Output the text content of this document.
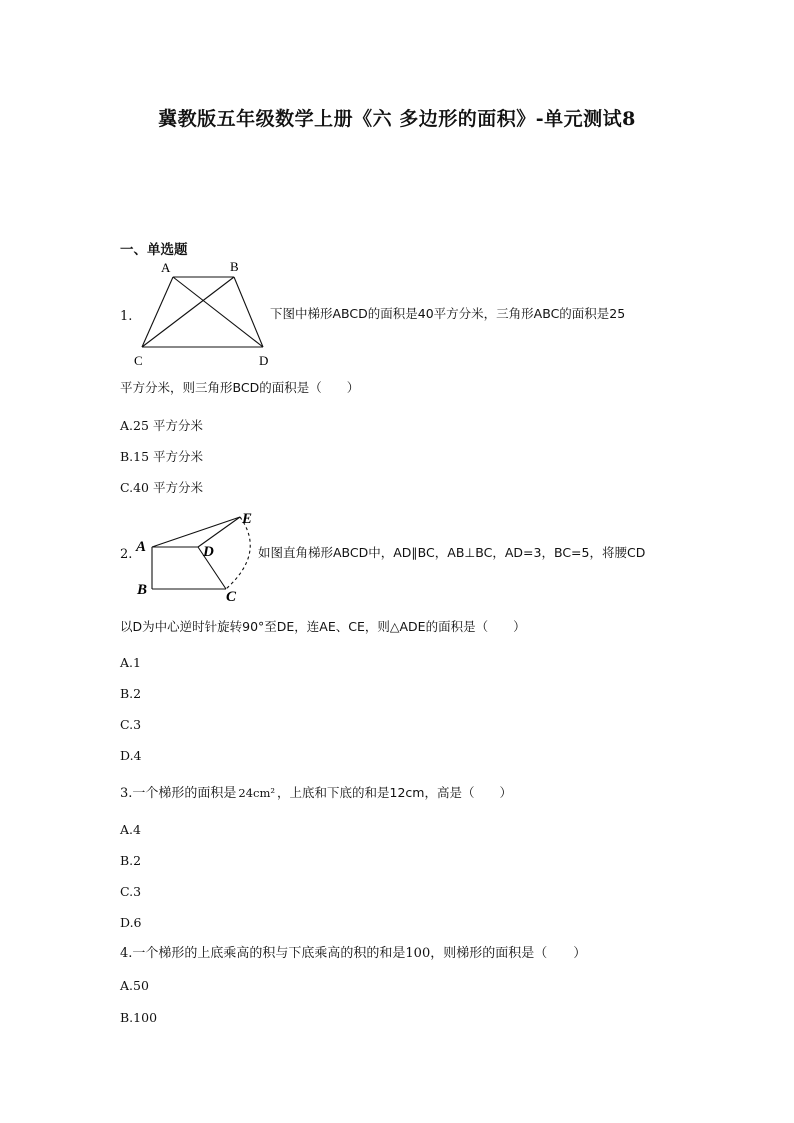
冀教版五年级数学上册《六 多边形的面积》-单元测试8
一、单选题
1.
A	B
C	D
下图中梯形ABCD的面积是40平方分米，三角形ABC的面积是25
平方分米，则三角形BCD的面积是（　　）
A.25 平方分米
B.15 平方分米
C.40 平方分米
2. A
B	C
D
E
如图直角梯形ABCD中，AD∥BC，AB⊥BC，AD=3，BC=5，将腰CD
以D为中心逆时针旋转90°至DE，连AE、CE，则△ADE的面积是（　　）
A.1
B.2
C.3
D.4
3.一个梯形的面积是 24cm² ，上底和下底的和是12cm，高是（　　）
A.4
B.2
C.3
D.6
4.一个梯形的上底乘高的积与下底乘高的积的和是100，则梯形的面积是（　　）
A.50
B.100
